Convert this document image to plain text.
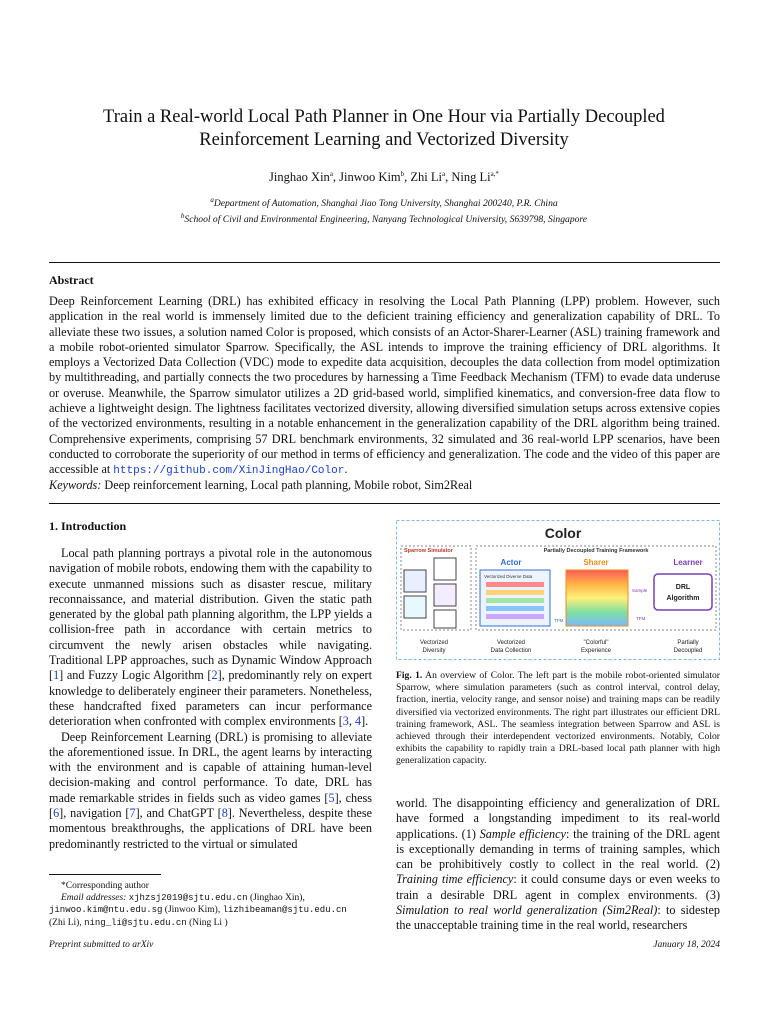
Train a Real-world Local Path Planner in One Hour via Partially Decoupled
Reinforcement Learning and Vectorized Diversity
Jinghao Xin$^a$, Jinwoo Kim$^b$, Zhi Li$^a$, Ning $Li^{a,*}$
$^a$Department of Automation, Shanghai Jiao Tong University, Shanghai 200240, P.R. China
$^b$School of Civil and Environmental Engineering, Nanyang Technological University, S639798, Singapore
Abstract
Deep Reinforcement Learning (DRL) has exhibited efficacy in resolving the Local Path Planning (LPP) problem. However, such application in the real world is immensely limited due to the deficient training efficiency and generalization capability of DRL. To alleviate these two issues, a solution named Color is proposed, which consists of an Actor-Sharer-Learner (ASL) training framework and a mobile robot-oriented simulator Sparrow. Specifically, the ASL intends to improve the training efficiency of DRL algorithms. It employs a Vectorized Data Collection (VDC) mode to expedite data acquisition, decouples the data collection from model optimization by multithreading, and partially connects the two procedures by harnessing a Time Feedback Mechanism (TFM) to evade data underuse or overuse. Meanwhile, the Sparrow simulator utilizes a 2D grid-based world, simplified kinematics, and conversion-free data flow to achieve a lightweight design. The lightness facilitates vectorized diversity, allowing diversified simulation setups across extensive copies of the vectorized environments, resulting in a notable enhancement in the generalization capability of the DRL algorithm being trained. Comprehensive experiments, comprising 57 DRL benchmark environments, 32 simulated and 36 real-world LPP scenarios, have been conducted to corroborate the superiority of our method in terms of efficiency and generalization. The code and the video of this paper are accessible at https://github.com/XinJingHao/Color.
Keywords: Deep reinforcement learning, Local path planning, Mobile robot, Sim2Real
1. Introduction

Local path planning portrays a pivotal role in the autonomous navigation of mobile robots, endowing them with the capability to execute unmanned missions such as disaster rescue, military reconnaissance, and material distribution. Given the static path generated by the global path planning algorithm, the LPP yields a collision-free path in accordance with certain metrics to circumvent the newly arisen obstacles while navigating. Traditional LPP approaches, such as Dynamic Window Approach [1] and Fuzzy Logic Algorithm [2], predominantly rely on expert knowledge to deliberately engineer their parameters. Nonetheless, these handcrafted fixed parameters can incur performance deterioration when confronted with complex environments [3, 4].

Deep Reinforcement Learning (DRL) is promising to alleviate the aforementioned issue. In DRL, the agent learns by interacting with the environment and is capable of attaining human-level decision-making and control performance. To date, DRL has made remarkable strides in fields such as video games [5], chess [6], navigation [7], and ChatGPT [8]. Nevertheless, despite these momentous breakthroughs, the applications of DRL have been predominantly restricted to the virtual or simulated

Color
Sparrow Simulator	Partially Decoupled Training Framework
Actor	Sharer	Learner
Vectorized Diverse Data
Sample	DRL
Algorithm
TFM	TFM
Vectorized
Diversity
Vectorized
Data Collection
"Colorful"
Experience
Partially
Decoupled
Fig. 1. An overview of Color. The left part is the mobile robot-oriented simulator Sparrow, where simulation parameters (such as control interval, control delay, fraction, inertia, velocity range, and sensor noise) and training maps can be readily diversified via vectorized environments. The right part illustrates our efficient DRL training framework, ASL. The seamless integration between Sparrow and ASL is achieved through their interdependent vectorized environments. Notably, Color exhibits the capability to rapidly train a DRL-based local path planner with high generalization capacity.
world. The disappointing efficiency and generalization of DRL have formed a longstanding impediment to its real-world applications. (1) Sample efficiency: the training of the DRL agent is exceptionally demanding in terms of training samples, which can be prohibitively costly to collect in the real world. (2) Training time efficiency: it could consume days or even weeks to train a desirable DRL agent in complex environments. (3) Simulation to real world generalization (Sim2Real): to sidestep the unacceptable training time in the real world, researchers
*Corresponding author
Email addresses: xjhzsj2019@sjtu.edu.cn (Jinghao Xin),
jinwoo.kim@ntu.edu.sg (Jinwoo Kim), lizhibeaman@sjtu.edu.cn
(Zhi Li), ning_li@sjtu.edu.cn (Ning Li )
Preprint submitted to arXiv	January 18, 2024
